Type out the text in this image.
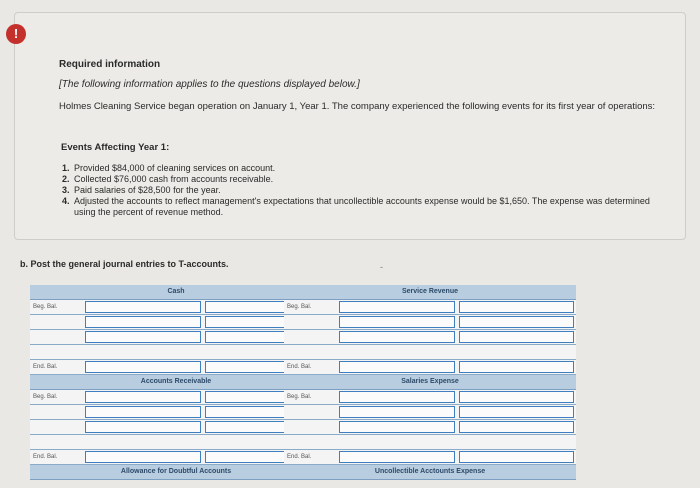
Required information
[The following information applies to the questions displayed below.]
Holmes Cleaning Service began operation on January 1, Year 1. The company experienced the following events for its first year of operations:
Events Affecting Year 1:
1. Provided $84,000 of cleaning services on account.
2. Collected $76,000 cash from accounts receivable.
3. Paid salaries of $28,500 for the year.
4. Adjusted the accounts to reflect management's expectations that uncollectible accounts expense would be $1,650. The expense was determined using the percent of revenue method.
!
b. Post the general journal entries to T-accounts.	-
Cash
Beg. Bal.
End. Bal.
Service Revenue
Beg. Bal.
End. Bal.
Accounts Receivable
Beg. Bal.
End. Bal.
Salaries Expense
Beg. Bal.
End. Bal.
Allowance for Doubtful Accounts	Uncollectible Acctounts Expense
